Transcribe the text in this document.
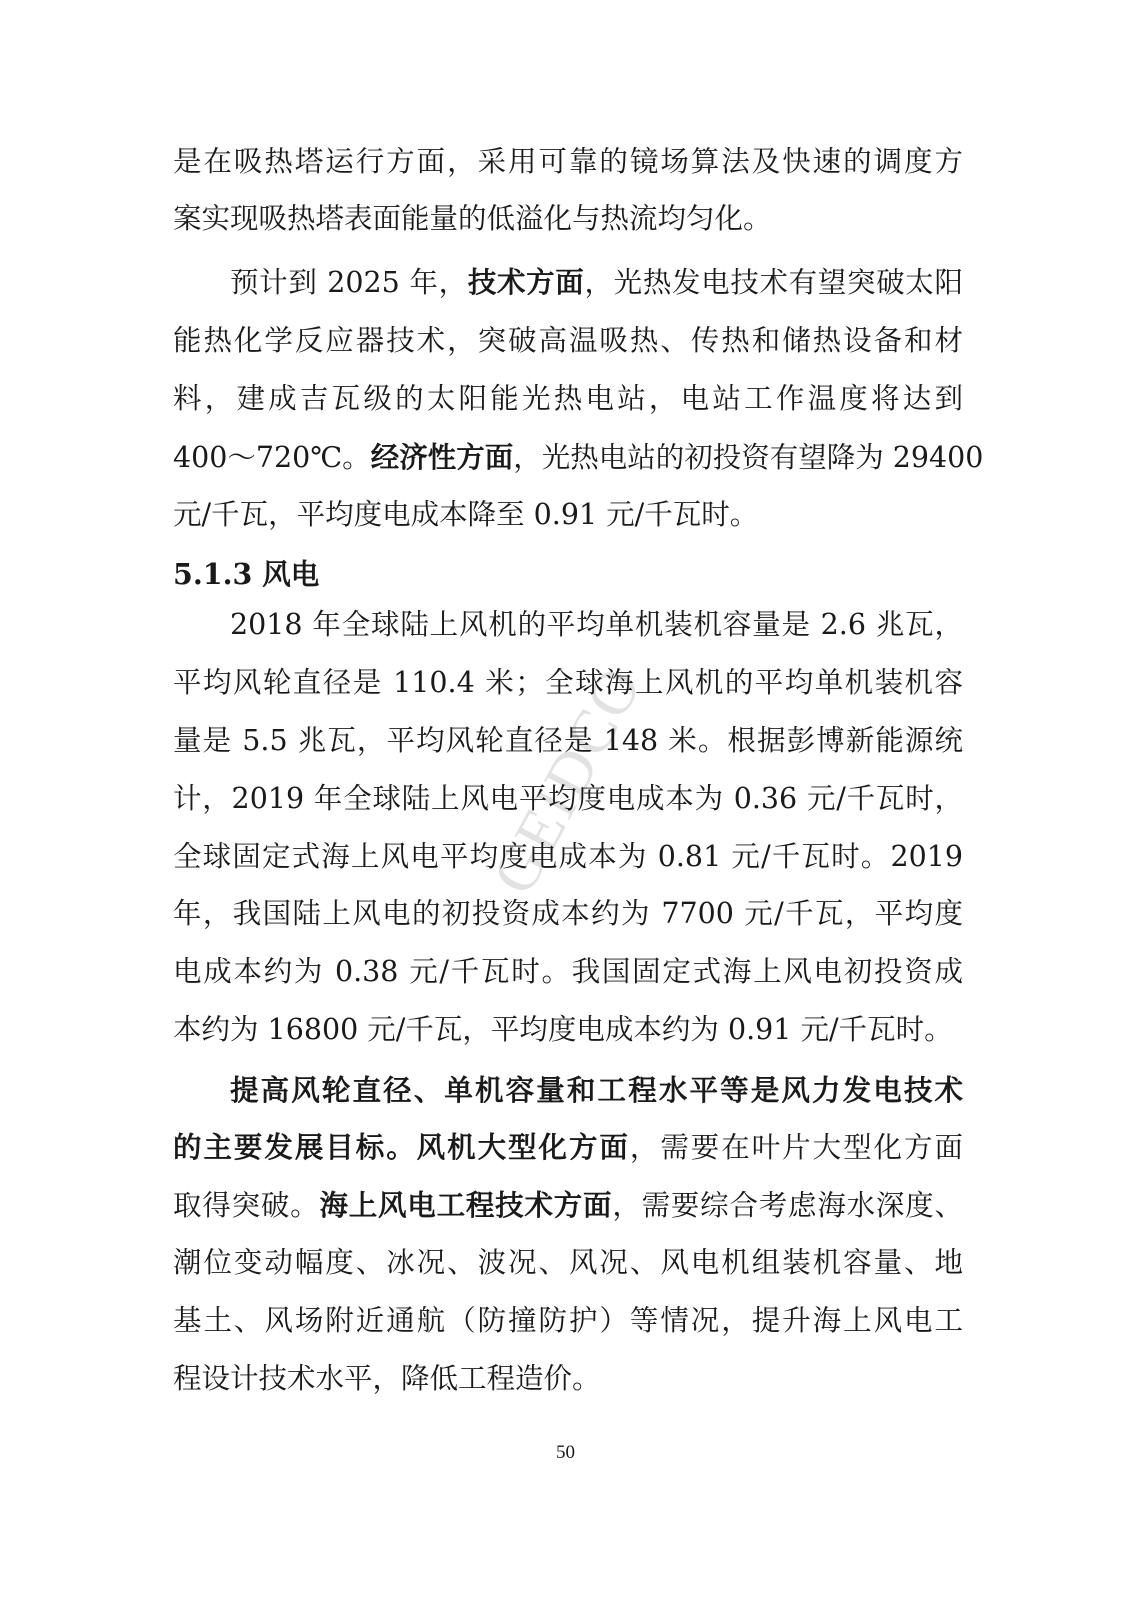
GEIDCO
是在吸热塔运行方面，采用可靠的镜场算法及快速的调度方
案实现吸热塔表面能量的低溢化与热流均匀化。
预计到 2025 年，技术方面，光热发电技术有望突破太阳
能热化学反应器技术，突破高温吸热、传热和储热设备和材
料，建成吉瓦级的太阳能光热电站，电站工作温度将达到
400～720℃。经济性方面，光热电站的初投资有望降为 29400
元/千瓦，平均度电成本降至 0.91 元/千瓦时。
5.1.3 风电
2018 年全球陆上风机的平均单机装机容量是 2.6 兆瓦，
平均风轮直径是 110.4 米；全球海上风机的平均单机装机容
量是 5.5 兆瓦，平均风轮直径是 148 米。根据彭博新能源统
计，2019 年全球陆上风电平均度电成本为 0.36 元/千瓦时，
全球固定式海上风电平均度电成本为 0.81 元/千瓦时。2019
年，我国陆上风电的初投资成本约为 7700 元/千瓦，平均度
电成本约为 0.38 元/千瓦时。我国固定式海上风电初投资成
本约为 16800 元/千瓦，平均度电成本约为 0.91 元/千瓦时。
提高风轮直径、单机容量和工程水平等是风力发电技术
的主要发展目标。风机大型化方面，需要在叶片大型化方面
取得突破。海上风电工程技术方面，需要综合考虑海水深度、
潮位变动幅度、冰况、波况、风况、风电机组装机容量、地
基土、风场附近通航（防撞防护）等情况，提升海上风电工
程设计技术水平，降低工程造价。
50
